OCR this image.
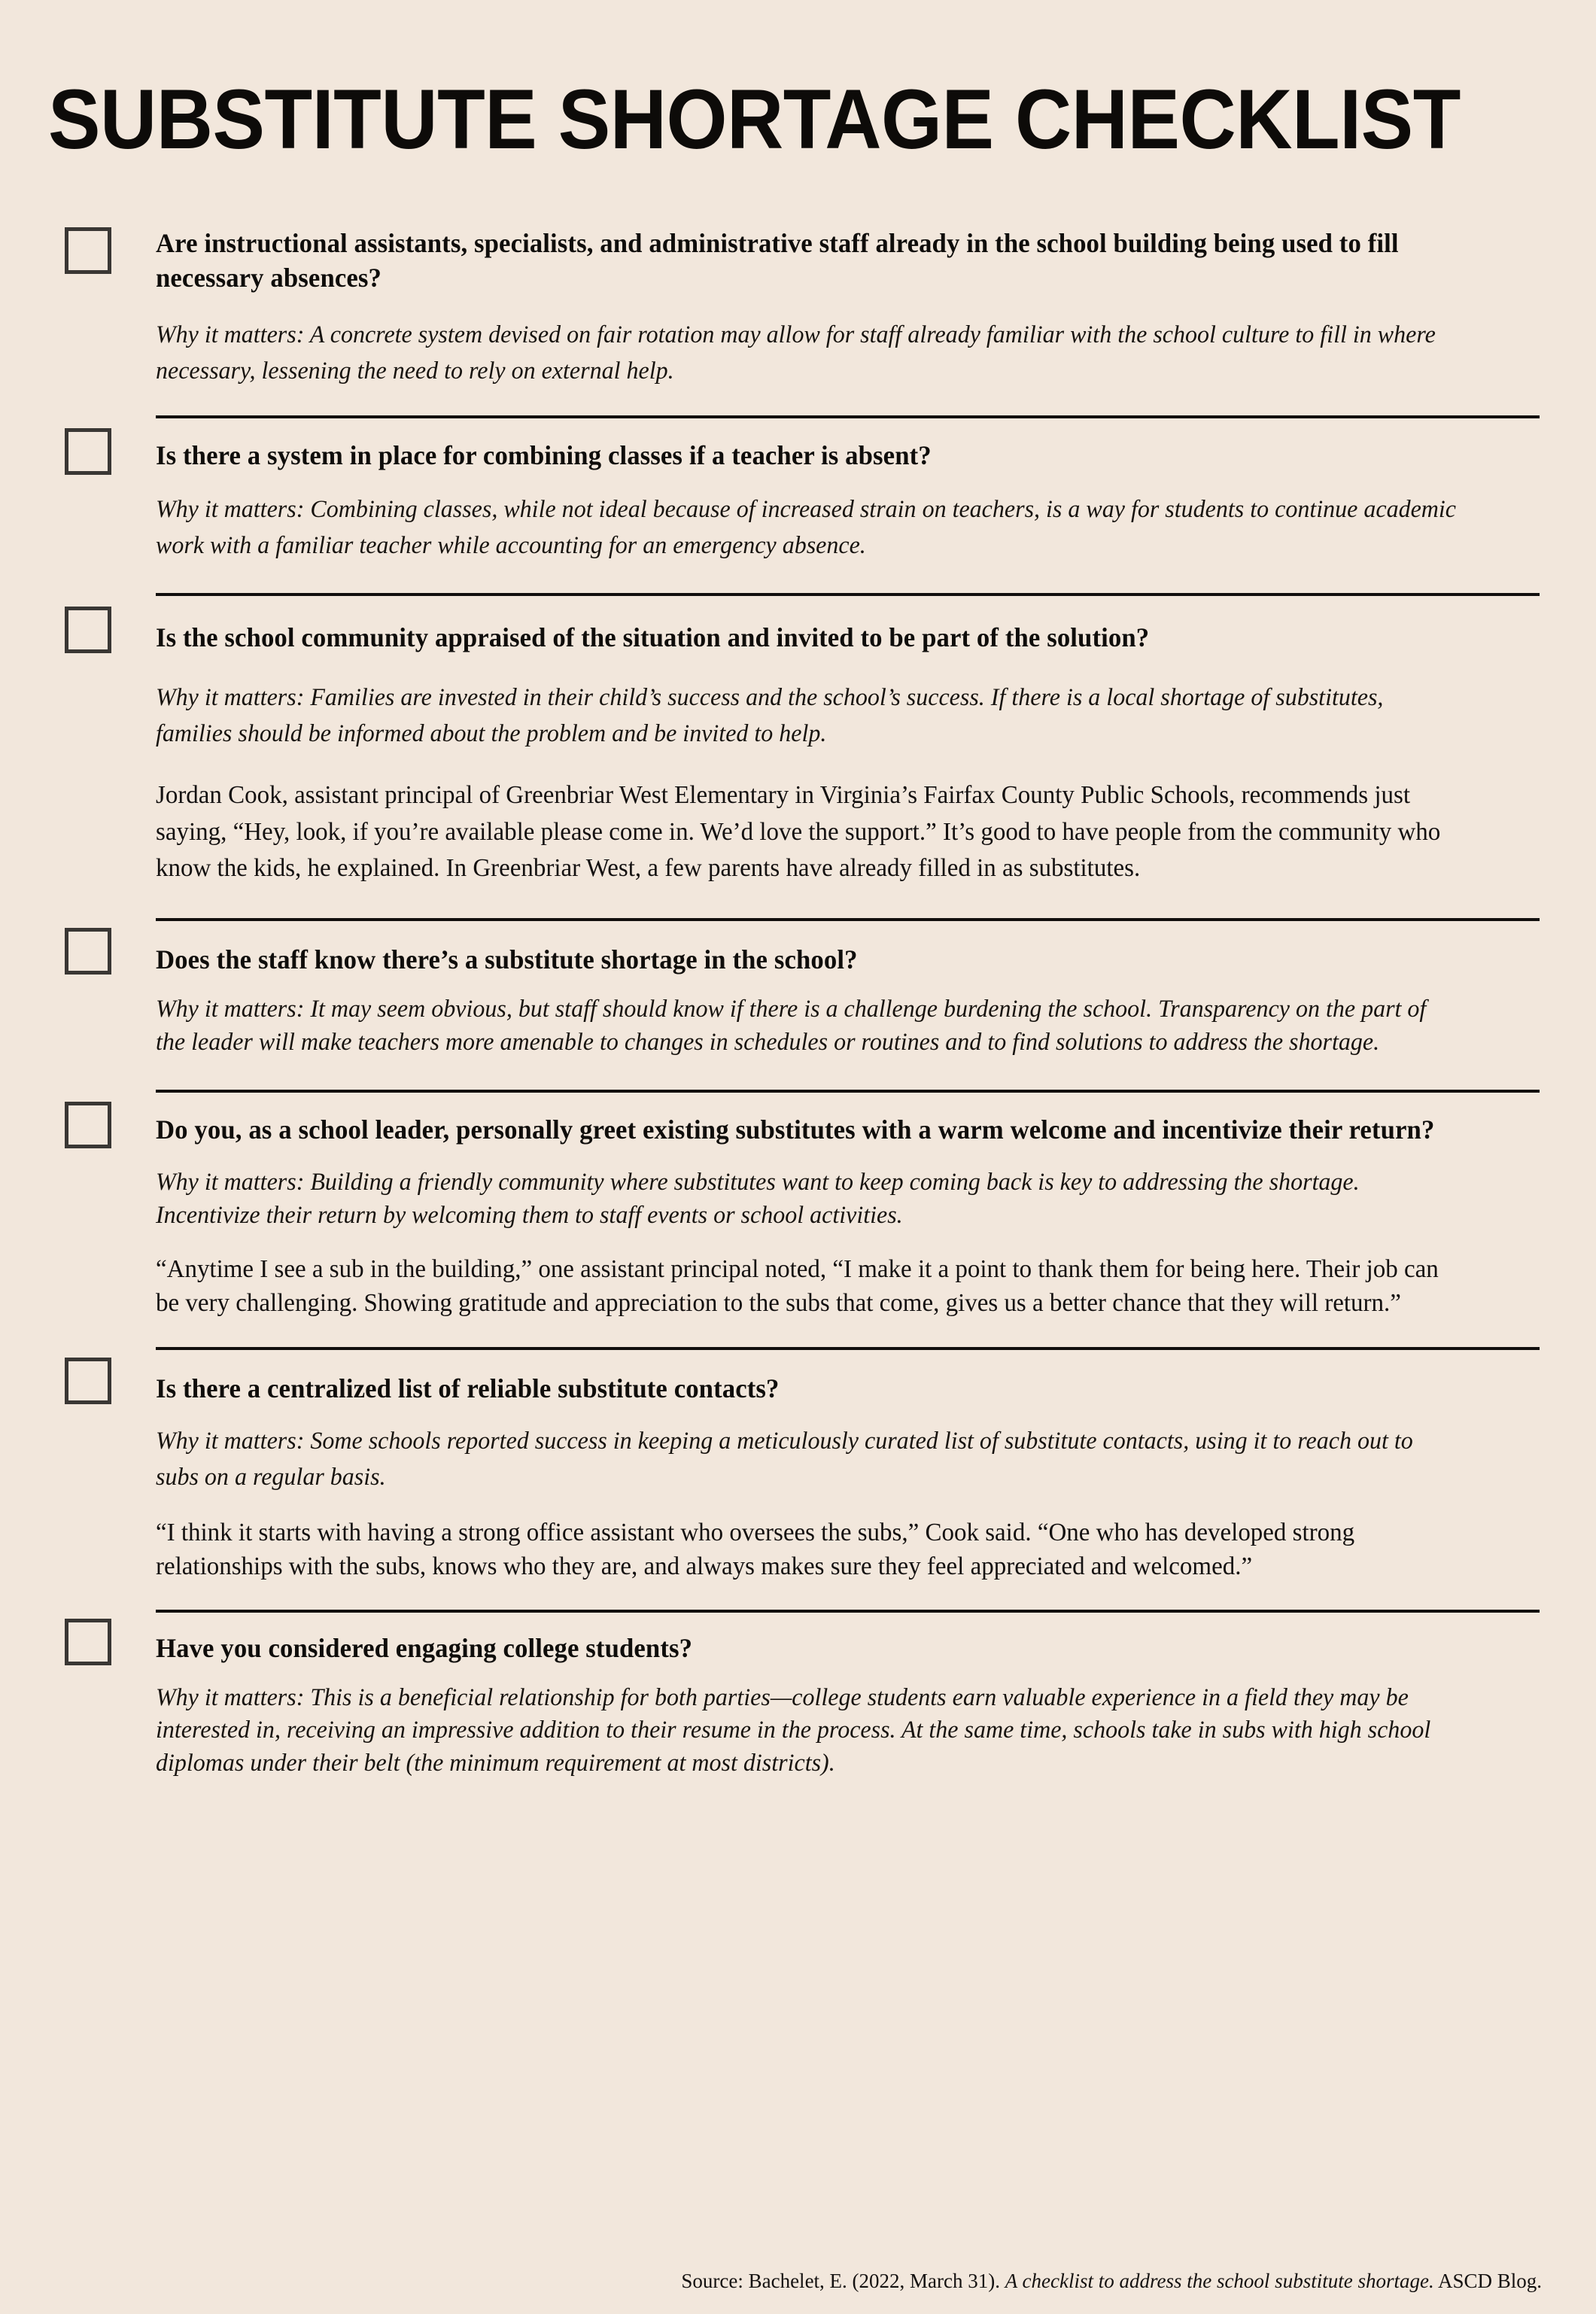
SUBSTITUTE SHORTAGE CHECKLIST

Are instructional assistants, specialists, and administrative staff already in the school building being used to fill necessary absences?

Why it matters: A concrete system devised on fair rotation may allow for staff already familiar with the school culture to fill in where necessary, lessening the need to rely on external help.

Is there a system in place for combining classes if a teacher is absent?

Why it matters: Combining classes, while not ideal because of increased strain on teachers, is a way for students to continue academic work with a familiar teacher while accounting for an emergency absence.

Is the school community appraised of the situation and invited to be part of the solution?

Why it matters: Families are invested in their child’s success and the school’s success. If there is a local shortage of substitutes, families should be informed about the problem and be invited to help.

Jordan Cook, assistant principal of Greenbriar West Elementary in Virginia’s Fairfax County Public Schools, recommends just saying, “Hey, look, if you’re available please come in. We’d love the support.” It’s good to have people from the community who know the kids, he explained. In Greenbriar West, a few parents have already filled in as substitutes.

Does the staff know there’s a substitute shortage in the school?

Why it matters: It may seem obvious, but staff should know if there is a challenge burdening the school. Transparency on the part of the leader will make teachers more amenable to changes in schedules or routines and to find solutions to address the shortage.

Do you, as a school leader, personally greet existing substitutes with a warm welcome and incentivize their return?

Why it matters: Building a friendly community where substitutes want to keep coming back is key to addressing the shortage. Incentivize their return by welcoming them to staff events or school activities.

“Anytime I see a sub in the building,” one assistant principal noted, “I make it a point to thank them for being here. Their job can be very challenging. Showing gratitude and appreciation to the subs that come, gives us a better chance that they will return.”

Is there a centralized list of reliable substitute contacts?

Why it matters: Some schools reported success in keeping a meticulously curated list of substitute contacts, using it to reach out to subs on a regular basis.

“I think it starts with having a strong office assistant who oversees the subs,” Cook said. “One who has developed strong relationships with the subs, knows who they are, and always makes sure they feel appreciated and welcomed.”

Have you considered engaging college students?

Why it matters: This is a beneficial relationship for both parties—college students earn valuable experience in a field they may be interested in, receiving an impressive addition to their resume in the process. At the same time, schools take in subs with high school diplomas under their belt (the minimum requirement at most districts).

Source: Bachelet, E. (2022, March 31). A checklist to address the school substitute shortage. ASCD Blog.
